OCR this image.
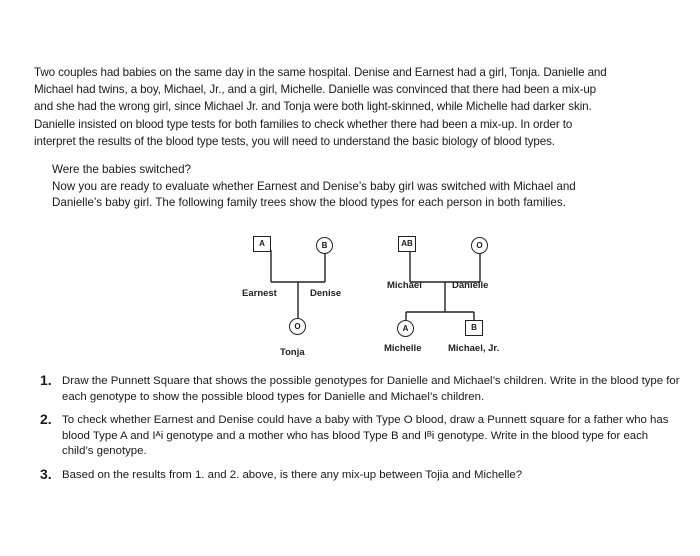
Two couples had babies on the same day in the same hospital. Denise and Earnest had a girl, Tonja. Danielle and

Michael had twins, a boy, Michael, Jr., and a girl, Michelle. Danielle was convinced that there had been a mix-up

and she had the wrong girl, since Michael Jr. and Tonja were both light-skinned, while Michelle had darker skin.

Danielle insisted on blood type tests for both families to check whether there had been a mix-up. In order to

interpret the results of the blood type tests, you will need to understand the basic biology of blood types.

Were the babies switched?

Now you are ready to evaluate whether Earnest and Denise’s baby girl was switched with Michael and

Danielle’s baby girl. The following family trees show the blood types for each person in both families.

A	B
Earnest	Denise
O
Tonja
AB	O
Michael	Danielle
A	B
Michelle	Michael, Jr.
1. Draw the Punnett Square that shows the possible genotypes for Danielle and Michael’s children. Write in the blood type for each genotype to show the possible blood types for Danielle and Michael’s children.
2. To check whether Earnest and Denise could have a baby with Type O blood, draw a Punnett square for a father who has blood Type A and Iᴬi genotype and a mother who has blood Type B and Iᴮi genotype. Write in the blood type for each child’s genotype.
3. Based on the results from 1. and 2. above, is there any mix-up between Tojia and Michelle?
